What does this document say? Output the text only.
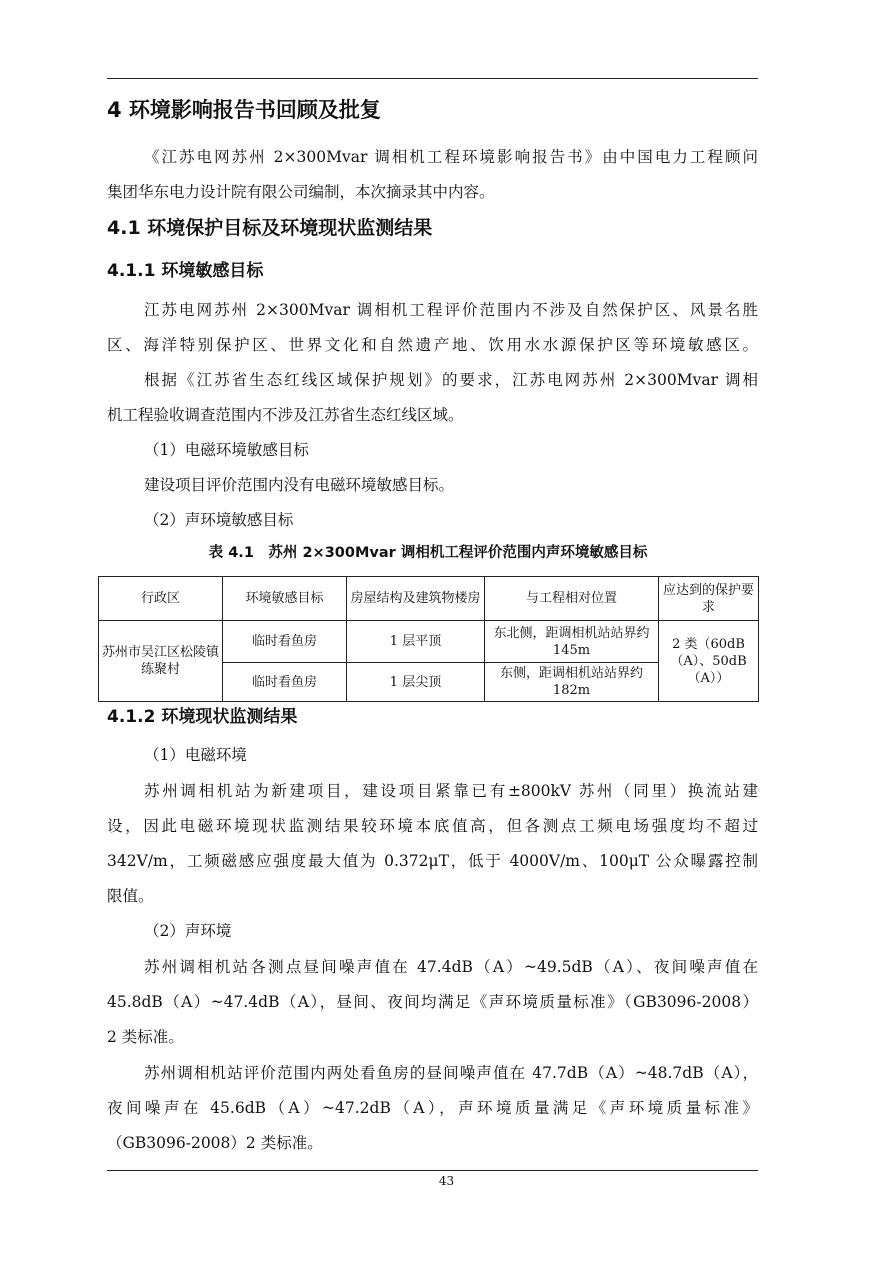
4 环境影响报告书回顾及批复
《江苏电网苏州 2×300Mvar 调相机工程环境影响报告书》由中国电力工程顾问
集团华东电力设计院有限公司编制，本次摘录其中内容。
4.1 环境保护目标及环境现状监测结果
4.1.1 环境敏感目标
江苏电网苏州 2×300Mvar 调相机工程评价范围内不涉及自然保护区、风景名胜
区、海洋特别保护区、世界文化和自然遗产地、饮用水水源保护区等环境敏感区。
根据《江苏省生态红线区域保护规划》的要求，江苏电网苏州 2×300Mvar 调相
机工程验收调查范围内不涉及江苏省生态红线区域。
（1）电磁环境敏感目标
建设项目评价范围内没有电磁环境敏感目标。
（2）声环境敏感目标
表 4.1　苏州 2×300Mvar 调相机工程评价范围内声环境敏感目标
行政区	环境敏感目标	房屋结构及建筑物楼房	与工程相对位置	应达到的保护要求
苏州市吴江区松陵镇练聚村	临时看鱼房	1 层平顶	东北侧，距调相机站站界约 145m	2 类（60dB（A）、50dB（A））
	临时看鱼房	1 层尖顶	东侧，距调相机站站界约 182m	
4.1.2 环境现状监测结果
（1）电磁环境
苏州调相机站为新建项目，建设项目紧靠已有±800kV 苏州（同里）换流站建
设，因此电磁环境现状监测结果较环境本底值高，但各测点工频电场强度均不超过
342V/m，工频磁感应强度最大值为 0.372μT，低于 4000V/m、100μT 公众曝露控制
限值。
（2）声环境
苏州调相机站各测点昼间噪声值在 47.4dB（A）~49.5dB（A）、夜间噪声值在
45.8dB（A）~47.4dB（A），昼间、夜间均满足《声环境质量标准》（GB3096-2008）
2 类标准。
苏州调相机站评价范围内两处看鱼房的昼间噪声值在 47.7dB（A）~48.7dB（A），
夜间噪声在 45.6dB（A）~47.2dB（A），声环境质量满足《声环境质量标准》
（GB3096-2008）2 类标准。
43
